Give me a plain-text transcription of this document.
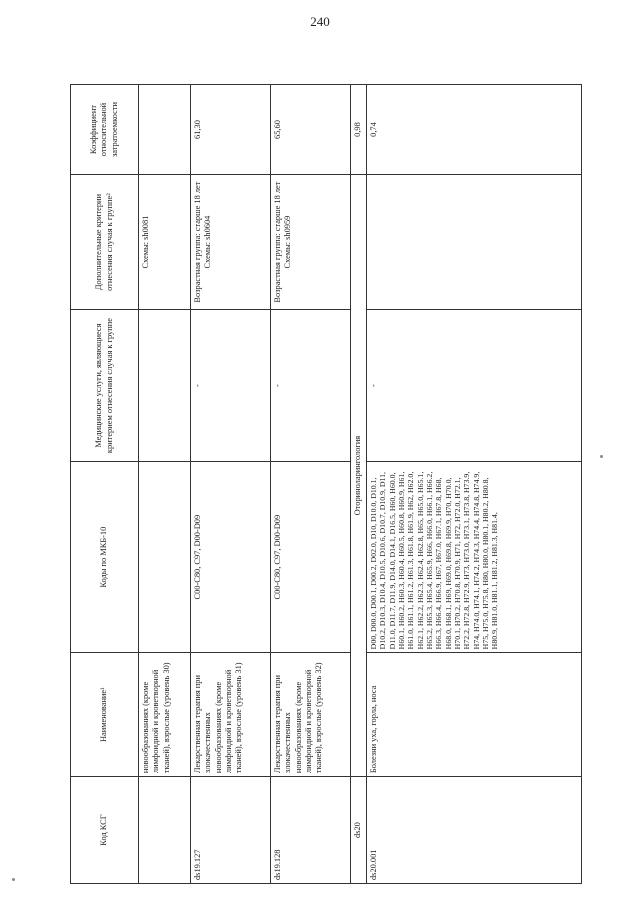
240
Код КСГ	Наименование¹	Коды по МКБ-10	Медицинские услуги, являющиеся критерием отнесения случая к группе	Дополнительные критерии отнесения случая к группе²	Коэффициент относительной затратоемкости
	новообразованиях (кроме лимфоидной и кроветворной тканей), взрослые (уровень 30)			Схемы: sh0081	
ds19.127	Лекарственная терапия при злокачественных новообразованиях (кроме лимфоидной и кроветворной тканей), взрослые (уровень 31)	C00-C80, C97, D00-D09	-	Возрастная группа: старше 18 лет
Схемы: sh0604	61,30
ds19.128	Лекарственная терапия при злокачественных новообразованиях (кроме лимфоидной и кроветворной тканей), взрослые (уровень 32)	C00-C80, C97, D00-D09	-	Возрастная группа: старше 18 лет
Схемы: sh0959	65,60
ds20	Оториноларингология				0,98
ds20.001	Болезни уха, горла, носа	D00, D00.0, D00.1, D00.2, D02.0, D10, D10.0, D10.1, D10.2, D10.3, D10.4, D10.5, D10.6, D10.7, D10.9, D11, D11.0, D11.7, D11.9, D14.0, D14.1, D16.5, H60, H60.0, H60.1, H60.2, H60.3, H60.4, H60.5, H60.8, H60.9, H61, H61.0, H61.1, H61.2, H61.3, H61.8, H61.9, H62, H62.0, H62.1, H62.2, H62.3, H62.4, H62.8, H65, H65.0, H65.1, H65.2, H65.3, H65.4, H65.9, H66, H66.0, H66.1, H66.2, H66.3, H66.4, H66.9, H67, H67.0, H67.1, H67.8, H68, H68.0, H68.1, H69, H69.0, H69.8, H69.9, H70, H70.0, H70.1, H70.2, H70.8, H70.9, H71, H72, H72.0, H72.1, H72.2, H72.8, H72.9, H73, H73.0, H73.1, H73.8, H73.9, H74, H74.0, H74.1, H74.2, H74.3, H74.4, H74.8, H74.9, H75, H75.0, H75.8, H80, H80.0, H80.1, H80.2, H80.8, H80.9, H81.0, H81.1, H81.2, H81.3, H81.4,	-		0,74
